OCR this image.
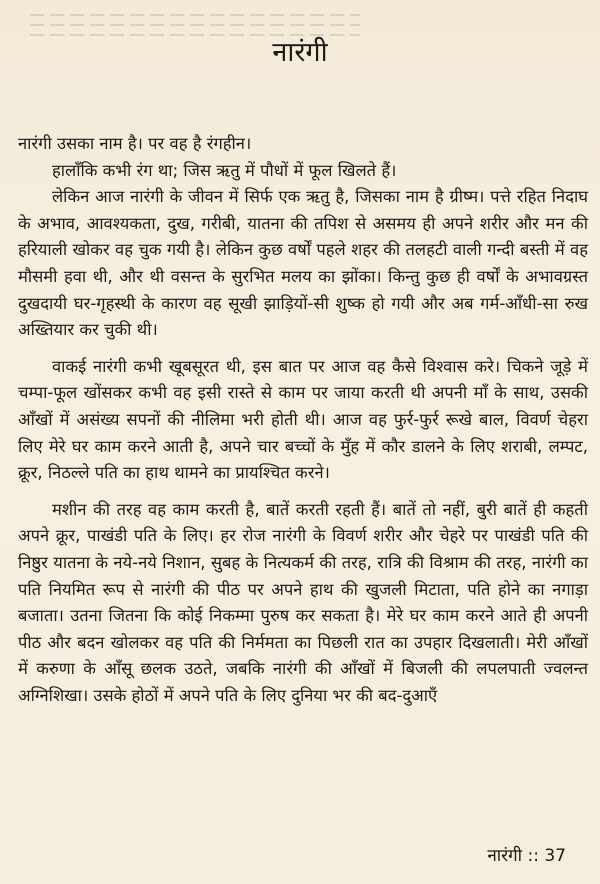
नारंगी

नारंगी उसका नाम है। पर वह है रंगहीन।

हालाँकि कभी रंग था; जिस ऋतु में पौधों में फूल खिलते हैं।

लेकिन आज नारंगी के जीवन में सिर्फ एक ऋतु है, जिसका नाम है ग्रीष्म। पत्ते रहित निदाघ के अभाव, आवश्यकता, दुख, गरीबी, यातना की तपिश से असमय ही अपने शरीर और मन की हरियाली खोकर वह चुक गयी है। लेकिन कुछ वर्षों पहले शहर की तलहटी वाली गन्दी बस्ती में वह मौसमी हवा थी, और थी वसन्त के सुरभित मलय का झोंका। किन्तु कुछ ही वर्षों के अभावग्रस्त दुखदायी घर-गृहस्थी के कारण वह सूखी झाड़ियों-सी शुष्क हो गयी और अब गर्म-आँधी-सा रुख अख्तियार कर चुकी थी।

वाकई नारंगी कभी खूबसूरत थी, इस बात पर आज वह कैसे विश्वास करे। चिकने जूड़े में चम्पा-फूल खोंसकर कभी वह इसी रास्ते से काम पर जाया करती थी अपनी माँ के साथ, उसकी आँखों में असंख्य सपनों की नीलिमा भरी होती थी। आज वह फुर्र-फुर्र रूखे बाल, विवर्ण चेहरा लिए मेरे घर काम करने आती है, अपने चार बच्चों के मुँह में कौर डालने के लिए शराबी, लम्पट, क्रूर, निठल्ले पति का हाथ थामने का प्रायश्चित करने।

मशीन की तरह वह काम करती है, बातें करती रहती हैं। बातें तो नहीं, बुरी बातें ही कहती अपने क्रूर, पाखंडी पति के लिए। हर रोज नारंगी के विवर्ण शरीर और चेहरे पर पाखंडी पति की निष्ठुर यातना के नये-नये निशान, सुबह के नित्यकर्म की तरह, रात्रि की विश्राम की तरह, नारंगी का पति नियमित रूप से नारंगी की पीठ पर अपने हाथ की खुजली मिटाता, पति होने का नगाड़ा बजाता। उतना जितना कि कोई निकम्मा पुरुष कर सकता है। मेरे घर काम करने आते ही अपनी पीठ और बदन खोलकर वह पति की निर्ममता का पिछली रात का उपहार दिखलाती। मेरी आँखों में करुणा के आँसू छलक उठते, जबकि नारंगी की आँखों में बिजली की लपलपाती ज्वलन्त अग्निशिखा। उसके होठों में अपने पति के लिए दुनिया भर की बद-दुआएँ

नारंगी :: 37
